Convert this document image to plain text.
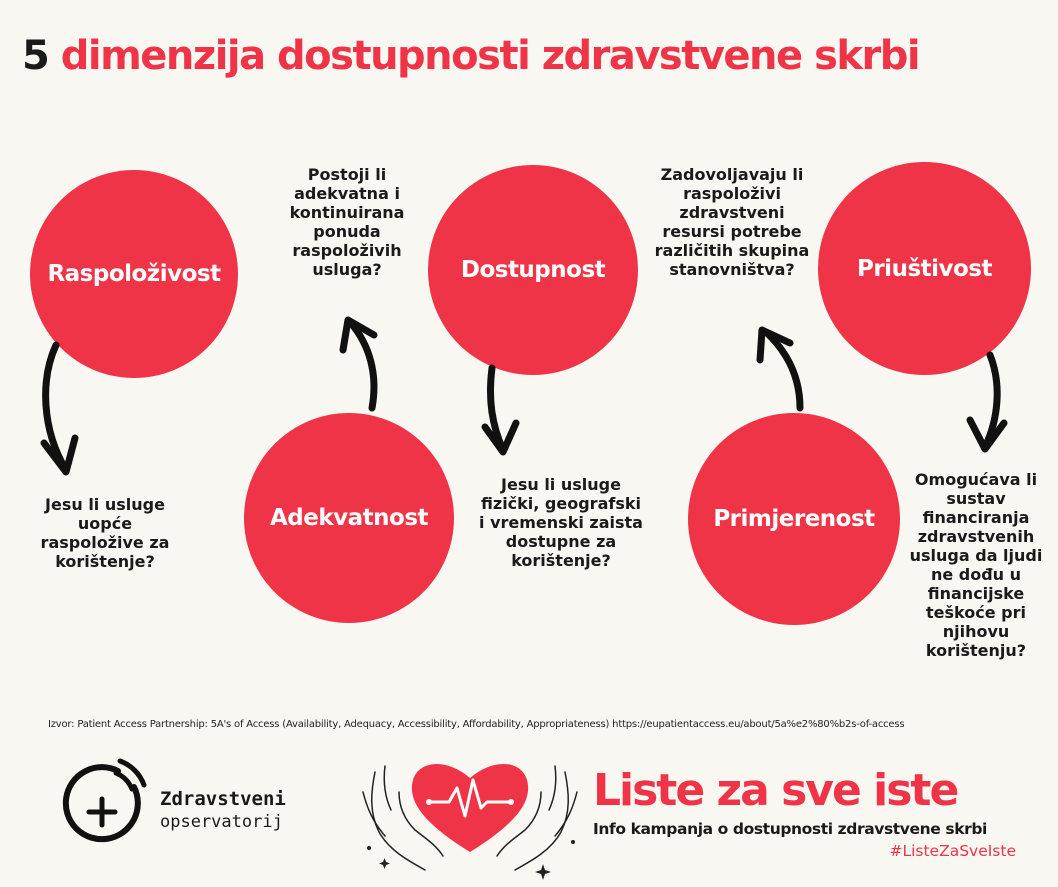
5 dimenzija dostupnosti zdravstvene skrbi
Raspoloživost
Adekvatnost
Dostupnost
Primjerenost
Priuštivost
Jesu li usluge uopće raspoložive za korištenje?
Postoji li adekvatna i kontinuirana ponuda raspoloživih usluga?
Jesu li usluge fizički, geografski i vremenski zaista dostupne za korištenje?
Zadovoljavaju li raspoloživi zdravstveni resursi potrebe različitih skupina stanovništva?
Omogućava li sustav financiranja zdravstvenih usluga da ljudi ne dođu u financijske teškoće pri njihovu korištenju?
Izvor: Patient Access Partnership: 5A's of Access (Availability, Adequacy, Accessibility, Affordability, Appropriateness) https://eupatientaccess.eu/about/5a%e2%80%b2s-of-access
Zdravstveni
opservatorij
Liste za sve iste
Info kampanja o dostupnosti zdravstvene skrbi
#ListeZaSveIste
